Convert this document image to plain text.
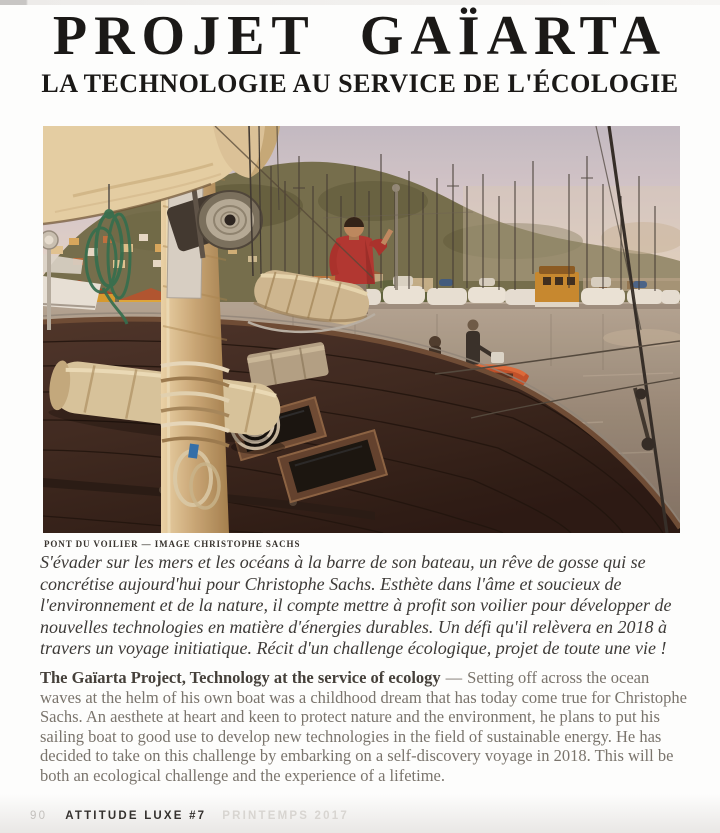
PROJET GAÏARTA
LA TECHNOLOGIE AU SERVICE DE L'ÉCOLOGIE
PONT DU VOILIER — IMAGE CHRISTOPHE SACHS

S'évader sur les mers et les océans à la barre de son bateau, un rêve de gosse qui se concrétise aujourd'hui pour Christophe Sachs. Esthète dans l'âme et soucieux de l'environnement et de la nature, il compte mettre à profit son voilier pour développer de nouvelles technologies en matière d'énergies durables. Un défi qu'il relèvera en 2018 à travers un voyage initiatique. Récit d'un challenge écologique, projet de toute une vie !

The Gaïarta Project, Technology at the service of ecology — Setting off across the ocean waves at the helm of his own boat was a childhood dream that has today come true for Christophe Sachs. An aesthete at heart and keen to protect nature and the environment, he plans to put his sailing boat to good use to develop new technologies in the field of sustainable energy. He has decided to take on this challenge by embarking on a self-discovery voyage in 2018. This will be both an ecological challenge and the experience of a lifetime.

90 ATTITUDE LUXE #7 PRINTEMPS 2017
